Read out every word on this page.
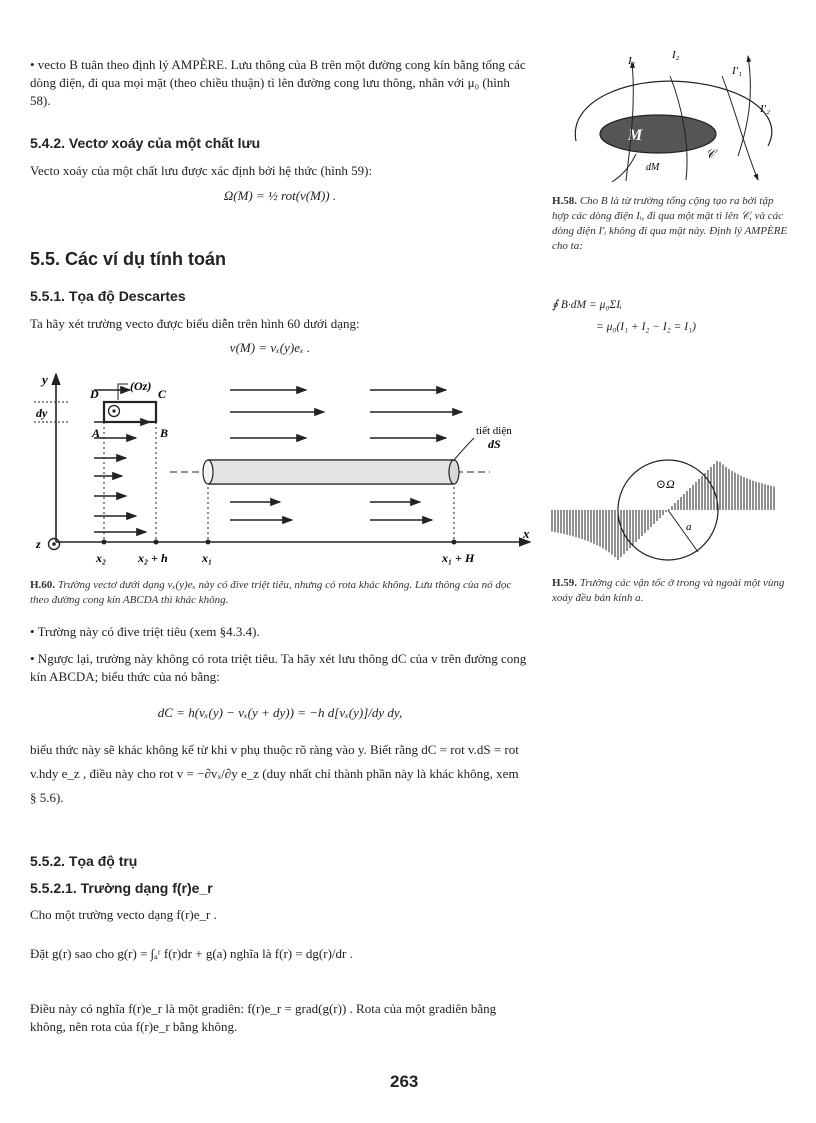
• vecto B tuân theo định lý AMPÈRE. Lưu thông của B trên một đường cong kín bằng tổng các dòng điện, đi qua mọi mặt (theo chiều thuận) tì lên đường cong lưu thông, nhân với μ₀ (hình 58).
5.4.2. Vectơ xoáy của một chất lưu
Vecto xoáy của một chất lưu được xác định bởi hệ thức (hình 59):
Ω(M) = ½ rot(v(M)) .
5.5. Các ví dụ tính toán
5.5.1. Tọa độ Descartes
Ta hãy xét trường vecto được biểu diễn trên hình 60 dưới dạng:
v(M) = vₓ(y)eₓ .
y
x
z
dy
(Oz)
D	C
A	B
x₂	x₂ + h	x₁	x₁ + H
tiết diện
dS
H.60. Trường vectơ dưới dạng vₓ(y)eₓ này có đive triệt tiêu, nhưng có rota khác không. Lưu thông của nó dọc theo đường cong kín ABCDA thì khác không.
• Trường này có đive triệt tiêu (xem §4.3.4).
• Ngược lại, trường này không có rota triệt tiêu. Ta hãy xét lưu thông dC của v trên đường cong kín ABCDA; biểu thức của nó bằng:
dC = h(vₓ(y) − vₓ(y + dy)) = −h d[vₓ(y)]/dy dy,
biểu thức này sẽ khác không kể từ khi v phụ thuộc rõ ràng vào y. Biết rằng dC = rot v.dS = rot v.hdy e_z , điều này cho rot v = −∂vₓ/∂y e_z (duy nhất chỉ thành phần này là khác không, xem § 5.6).
5.5.2. Tọa độ trụ
5.5.2.1. Trường dạng f(r)e_r
Cho một trường vecto dạng f(r)e_r .
Đặt g(r) sao cho g(r) = ∫ₐʳ f(r)dr + g(a) nghĩa là f(r) = dg(r)/dr .
Điều này có nghĩa f(r)e_r là một gradiên: f(r)e_r = grad(g(r)) . Rota của một gradiên bằng không, nên rota của f(r)e_r bằng không.
263
M
dM
𝒞
I₁	I₂
I′₁
I′₂
H.58. Cho B là từ trường tổng cộng tạo ra bởi tập hợp các dòng điện Iᵢ, đi qua một mặt tì lên 𝒞, và các dòng điện I′ᵢ không đi qua mặt này. Định lý AMPÈRE cho ta:
∮ B·dM = μ₀ΣIᵢ
= μ₀(I₁ + I₂ − I₂ = I₁)
a
⊙Ω
H.59. Trường các vận tốc ở trong và ngoài một vùng xoáy đều bán kính a.
